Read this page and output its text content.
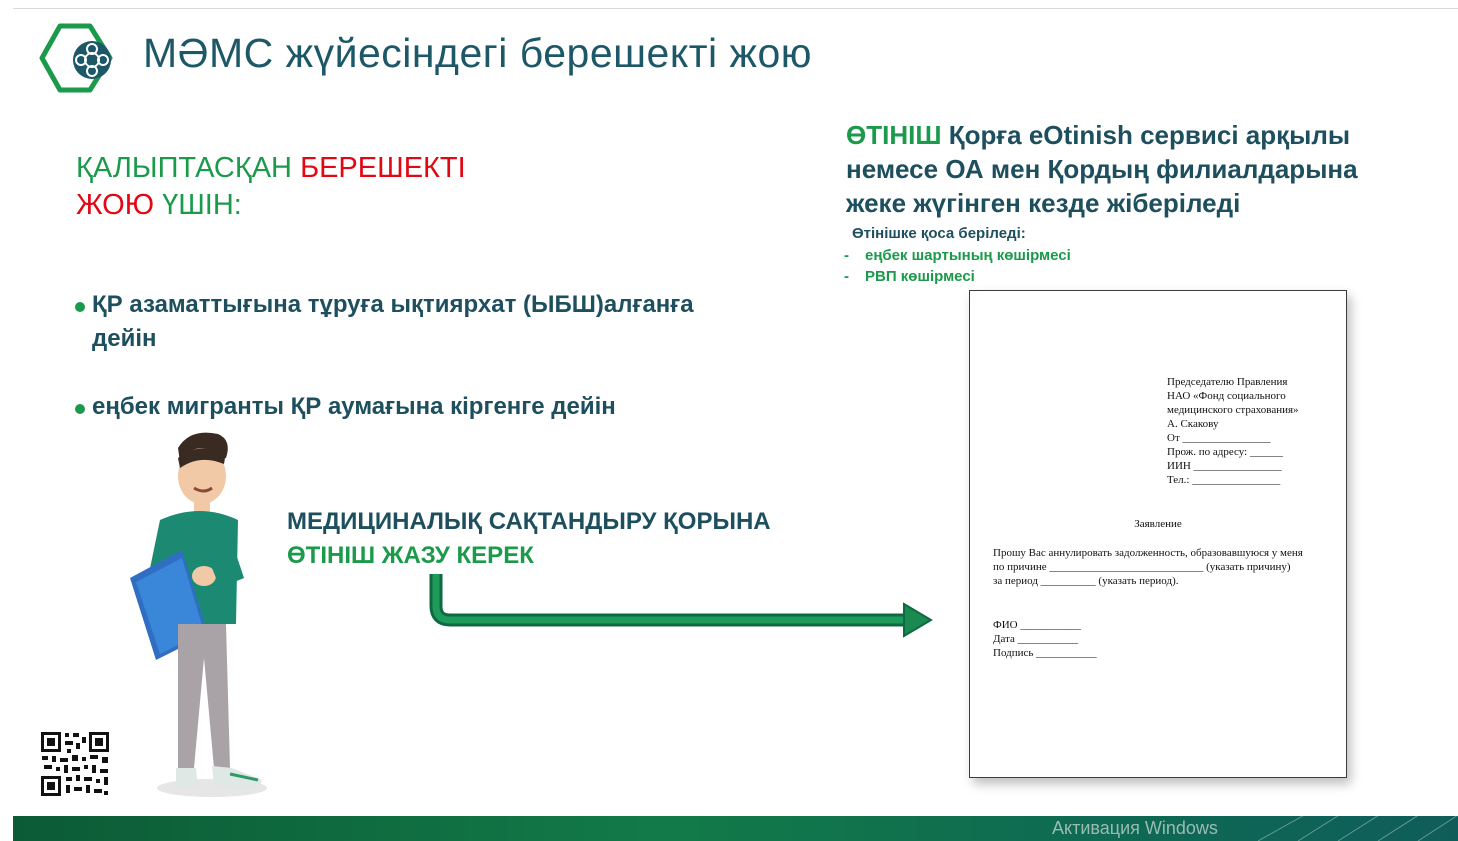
МӘМС жүйесіндегі берешекті жою
ҚАЛЫПТАСҚАН БЕРЕШЕКТІ
ЖОЮ ҮШІН:
ҚР азаматтығына тұруға ықтиярхат (ЫБШ)алғанға
дейін
еңбек мигранты ҚР аумағына кіргенге дейін
МЕДИЦИНАЛЫҚ САҚТАНДЫРУ ҚОРЫНА
ӨТІНІШ ЖАЗУ КЕРЕК
ӨТІНІШ Қорға eOtinish сервисі арқылы
немесе ОА мен Қордың филиалдарына
жеке жүгінген кезде жіберіледі
Өтінішке қоса беріледі:
- еңбек шартының көшірмесі
- РВП көшірмесі
Председателю Правления
НАО «Фонд социального
медицинского страхования»
А. Скакову
От ________________
Прож. по адресу: ______
ИИН ________________
Тел.: ________________
Заявление
Прошу Вас аннулировать задолженность, образовавшуюся у меня
по причине ____________________________ (указать причину)
за период __________ (указать период).
ФИО ___________
Дата ___________
Подпись ___________
Активация Windows
